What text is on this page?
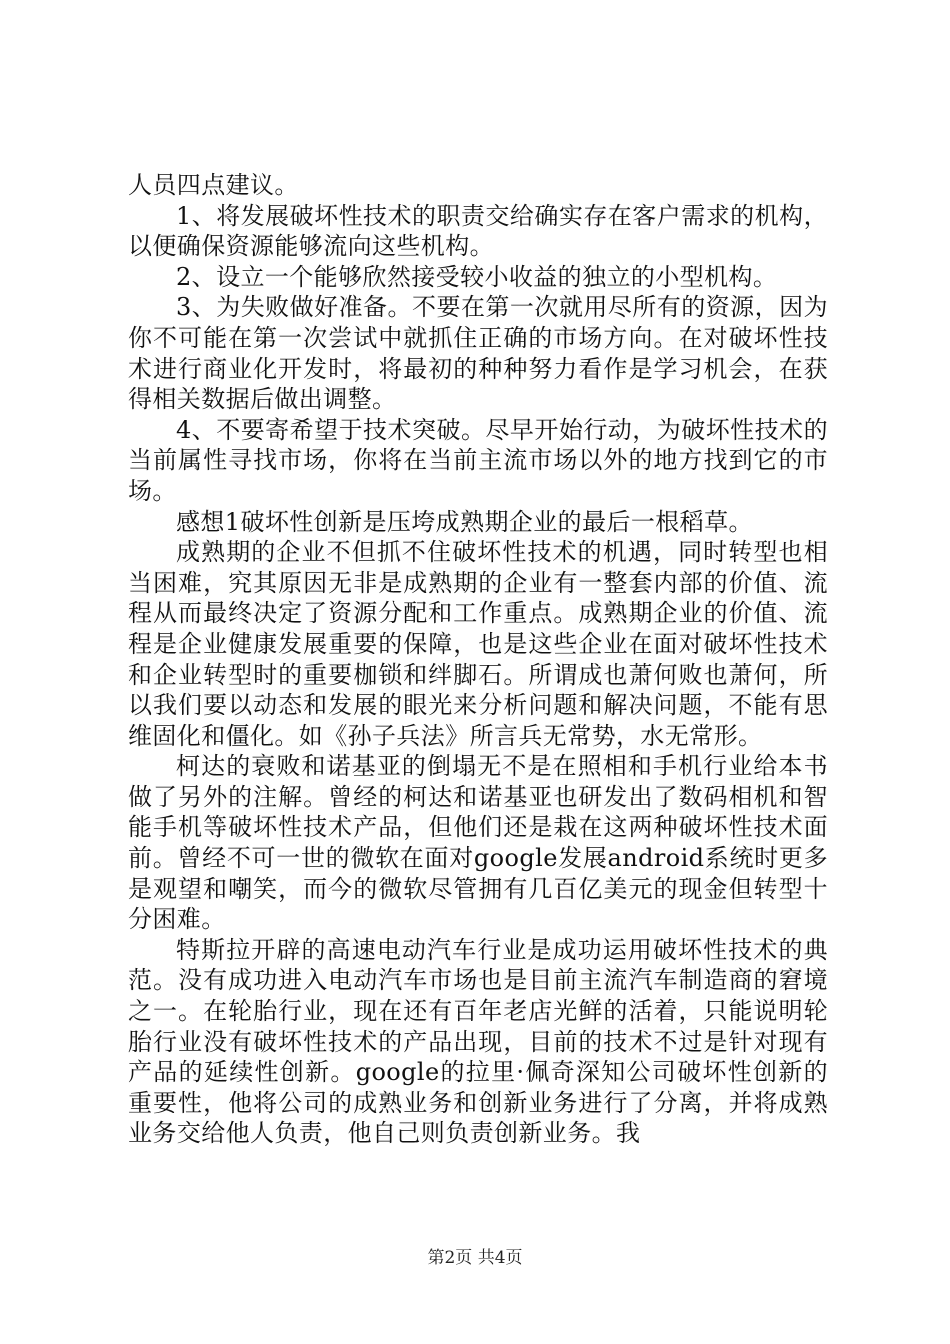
人员四点建议。

1、将发展破坏性技术的职责交给确实存在客户需求的机构，以便确保资源能够流向这些机构。

2、设立一个能够欣然接受较小收益的独立的小型机构。

3、为失败做好准备。不要在第一次就用尽所有的资源，因为你不可能在第一次尝试中就抓住正确的市场方向。在对破坏性技术进行商业化开发时，将最初的种种努力看作是学习机会，在获得相关数据后做出调整。

4、不要寄希望于技术突破。尽早开始行动，为破坏性技术的当前属性寻找市场，你将在当前主流市场以外的地方找到它的市场。

感想1破坏性创新是压垮成熟期企业的最后一根稻草。

成熟期的企业不但抓不住破坏性技术的机遇，同时转型也相当困难，究其原因无非是成熟期的企业有一整套内部的价值、流程从而最终决定了资源分配和工作重点。成熟期企业的价值、流程是企业健康发展重要的保障，也是这些企业在面对破坏性技术和企业转型时的重要枷锁和绊脚石。所谓成也萧何败也萧何，所以我们要以动态和发展的眼光来分析问题和解决问题，不能有思维固化和僵化。如《孙子兵法》所言兵无常势，水无常形。

柯达的衰败和诺基亚的倒塌无不是在照相和手机行业给本书做了另外的注解。曾经的柯达和诺基亚也研发出了数码相机和智能手机等破坏性技术产品，但他们还是栽在这两种破坏性技术面前。曾经不可一世的微软在面对google发展android系统时更多是观望和嘲笑，而今的微软尽管拥有几百亿美元的现金但转型十分困难。

特斯拉开辟的高速电动汽车行业是成功运用破坏性技术的典范。没有成功进入电动汽车市场也是目前主流汽车制造商的窘境之一。在轮胎行业，现在还有百年老店光鲜的活着，只能说明轮胎行业没有破坏性技术的产品出现，目前的技术不过是针对现有产品的延续性创新。google的拉里·佩奇深知公司破坏性创新的重要性，他将公司的成熟业务和创新业务进行了分离，并将成熟业务交给他人负责，他自己则负责创新业务。我

第2页 共4页
